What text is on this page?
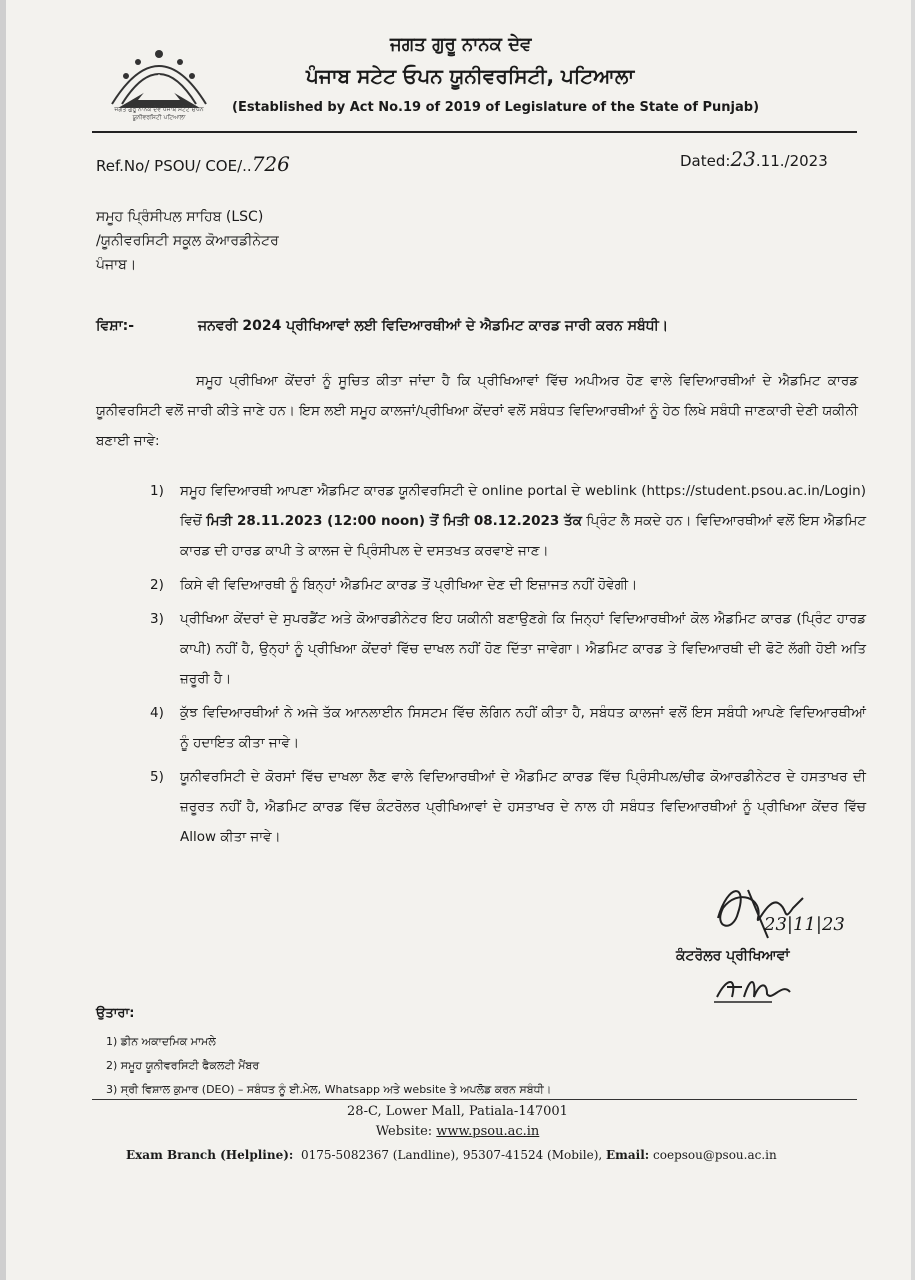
ਜਗਤ ਗੁਰੂ ਨਾਨਕ ਦੇਵ ਪੰਜਾਬ ਸਟੇਟ ਓਪਨ ਯੂਨੀਵਰਸਿਟੀ ਪਟਿਆਲਾ
ਜਗਤ ਗੁਰੂ ਨਾਨਕ ਦੇਵ
ਪੰਜਾਬ ਸਟੇਟ ਓਪਨ ਯੂਨੀਵਰਸਿਟੀ, ਪਟਿਆਲਾ
(Established by Act No.19 of 2019 of Legislature of the State of Punjab)
Ref.No/ PSOU/ COE/..726	Dated:23.11./2023
ਸਮੂਹ ਪ੍ਰਿੰਸੀਪਲ ਸਾਹਿਬ (LSC)
/ਯੂਨੀਵਰਸਿਟੀ ਸਕੂਲ ਕੋਆਰਡੀਨੇਟਰ
ਪੰਜਾਬ।
ਵਿਸ਼ਾ:-	ਜਨਵਰੀ 2024 ਪ੍ਰੀਖਿਆਵਾਂ ਲਈ ਵਿਦਿਆਰਥੀਆਂ ਦੇ ਐਡਮਿਟ ਕਾਰਡ ਜਾਰੀ ਕਰਨ ਸਬੰਧੀ।
ਸਮੂਹ ਪ੍ਰੀਖਿਆ ਕੇਂਦਰਾਂ ਨੂੰ ਸੂਚਿਤ ਕੀਤਾ ਜਾਂਦਾ ਹੈ ਕਿ ਪ੍ਰੀਖਿਆਵਾਂ ਵਿੱਚ ਅਪੀਅਰ ਹੋਣ ਵਾਲੇ ਵਿਦਿਆਰਥੀਆਂ ਦੇ ਐਡਮਿਟ ਕਾਰਡ ਯੂਨੀਵਰਸਿਟੀ ਵਲੋਂ ਜਾਰੀ ਕੀਤੇ ਜਾਣੇ ਹਨ। ਇਸ ਲਈ ਸਮੂਹ ਕਾਲਜਾਂ/ਪ੍ਰੀਖਿਆ ਕੇਂਦਰਾਂ ਵਲੋਂ ਸਬੰਧਤ ਵਿਦਿਆਰਥੀਆਂ ਨੂੰ ਹੇਠ ਲਿਖੇ ਸਬੰਧੀ ਜਾਣਕਾਰੀ ਦੇਣੀ ਯਕੀਨੀ ਬਣਾਈ ਜਾਵੇ:
1) ਸਮੂਹ ਵਿਦਿਆਰਥੀ ਆਪਣਾ ਐਡਮਿਟ ਕਾਰਡ ਯੂਨੀਵਰਸਿਟੀ ਦੇ online portal ਦੇ weblink (https://student.psou.ac.in/Login) ਵਿਚੋਂ ਮਿਤੀ 28.11.2023 (12:00 noon) ਤੋਂ ਮਿਤੀ 08.12.2023 ਤੱਕ ਪ੍ਰਿੰਟ ਲੈ ਸਕਦੇ ਹਨ। ਵਿਦਿਆਰਥੀਆਂ ਵਲੋਂ ਇਸ ਐਡਮਿਟ ਕਾਰਡ ਦੀ ਹਾਰਡ ਕਾਪੀ ਤੇ ਕਾਲਜ ਦੇ ਪ੍ਰਿੰਸੀਪਲ ਦੇ ਦਸਤਖਤ ਕਰਵਾਏ ਜਾਣ।
2) ਕਿਸੇ ਵੀ ਵਿਦਿਆਰਥੀ ਨੂੰ ਬਿਨ੍ਹਾਂ ਐਡਮਿਟ ਕਾਰਡ ਤੋਂ ਪ੍ਰੀਖਿਆ ਦੇਣ ਦੀ ਇਜ਼ਾਜਤ ਨਹੀਂ ਹੋਵੇਗੀ।
3) ਪ੍ਰੀਖਿਆ ਕੇਂਦਰਾਂ ਦੇ ਸੁਪਰਡੈਂਟ ਅਤੇ ਕੋਆਰਡੀਨੇਟਰ ਇਹ ਯਕੀਨੀ ਬਣਾਉਣਗੇ ਕਿ ਜਿਨ੍ਹਾਂ ਵਿਦਿਆਰਥੀਆਂ ਕੋਲ ਐਡਮਿਟ ਕਾਰਡ (ਪ੍ਰਿੰਟ ਹਾਰਡ ਕਾਪੀ) ਨਹੀਂ ਹੈ, ਉਨ੍ਹਾਂ ਨੂੰ ਪ੍ਰੀਖਿਆ ਕੇਂਦਰਾਂ ਵਿੱਚ ਦਾਖਲ ਨਹੀਂ ਹੋਣ ਦਿੱਤਾ ਜਾਵੇਗਾ। ਐਡਮਿਟ ਕਾਰਡ ਤੇ ਵਿਦਿਆਰਥੀ ਦੀ ਫੋਟੋ ਲੱਗੀ ਹੋਈ ਅਤਿ ਜ਼ਰੂਰੀ ਹੈ।
4) ਕੁੱਝ ਵਿਦਿਆਰਥੀਆਂ ਨੇ ਅਜੇ ਤੱਕ ਆਨਲਾਈਨ ਸਿਸਟਮ ਵਿੱਚ ਲੋਗਿਨ ਨਹੀਂ ਕੀਤਾ ਹੈ, ਸਬੰਧਤ ਕਾਲਜਾਂ ਵਲੋਂ ਇਸ ਸਬੰਧੀ ਆਪਣੇ ਵਿਦਿਆਰਥੀਆਂ ਨੂੰ ਹਦਾਇਤ ਕੀਤਾ ਜਾਵੇ।
5) ਯੂਨੀਵਰਸਿਟੀ ਦੇ ਕੋਰਸਾਂ ਵਿੱਚ ਦਾਖਲਾ ਲੈਣ ਵਾਲੇ ਵਿਦਿਆਰਥੀਆਂ ਦੇ ਐਡਮਿਟ ਕਾਰਡ ਵਿੱਚ ਪ੍ਰਿੰਸੀਪਲ/ਚੀਫ ਕੋਆਰਡੀਨੇਟਰ ਦੇ ਹਸਤਾਖਰ ਦੀ ਜ਼ਰੂਰਤ ਨਹੀਂ ਹੈ, ਐਡਮਿਟ ਕਾਰਡ ਵਿੱਚ ਕੰਟਰੋਲਰ ਪ੍ਰੀਖਿਆਵਾਂ ਦੇ ਹਸਤਾਖਰ ਦੇ ਨਾਲ ਹੀ ਸਬੰਧਤ ਵਿਦਿਆਰਥੀਆਂ ਨੂੰ ਪ੍ਰੀਖਿਆ ਕੇਂਦਰ ਵਿੱਚ Allow ਕੀਤਾ ਜਾਵੇ।
23|11|23
ਕੰਟਰੋਲਰ ਪ੍ਰੀਖਿਆਵਾਂ
ਉਤਾਰਾ:
1) ਡੀਨ ਅਕਾਦਮਿਕ ਮਾਮਲੇ
2) ਸਮੂਹ ਯੂਨੀਵਰਸਿਟੀ ਫੈਕਲਟੀ ਮੈਂਬਰ
3) ਸ੍ਰੀ ਵਿਸ਼ਾਲ ਕੁਮਾਰ (DEO) – ਸਬੰਧਤ ਨੂੰ ਈ.ਮੇਲ, Whatsapp ਅਤੇ website ਤੇ ਅਪਲੋਡ ਕਰਨ ਸਬੰਧੀ।
28-C, Lower Mall, Patiala-147001
Website: www.psou.ac.in
Exam Branch (Helpline): 0175-5082367 (Landline), 95307-41524 (Mobile), Email: coepsou@psou.ac.in
